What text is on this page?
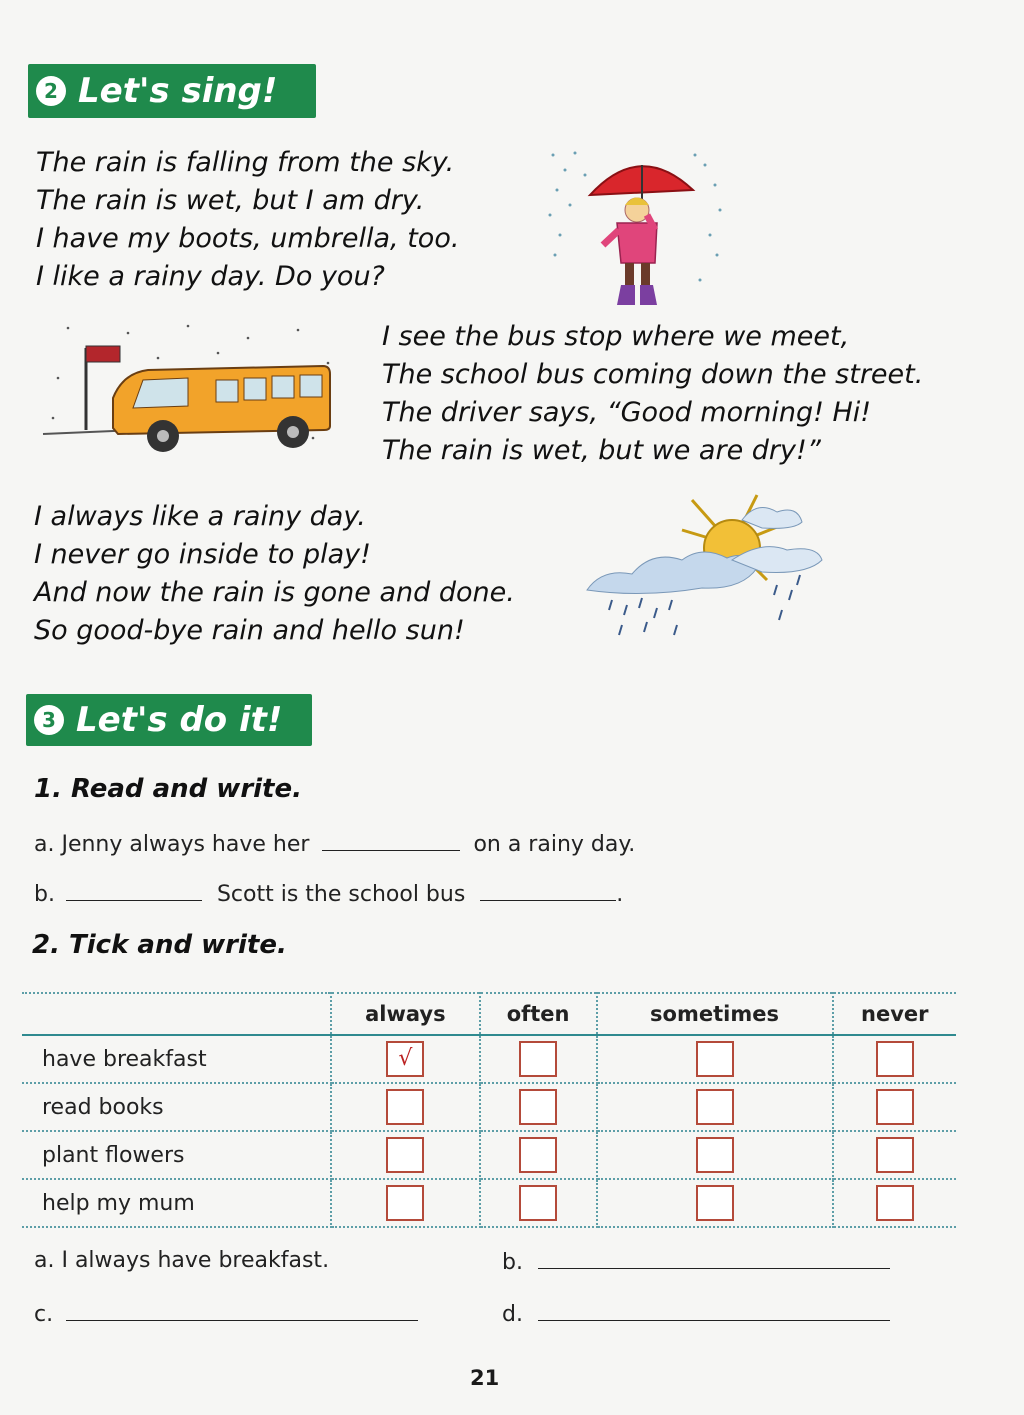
2 Let's sing!
The rain is falling from the sky.
The rain is wet, but I am dry.
I have my boots, umbrella, too.
I like a rainy day. Do you?
I see the bus stop where we meet,
The school bus coming down the street.
The driver says, “Good morning! Hi!
The rain is wet, but we are dry!”
I always like a rainy day.
I never go inside to play!
And now the rain is gone and done.
So good-bye rain and hello sun!
3 Let's do it!
1. Read and write.
a. Jenny always have her	on a rainy day.
b.	Scott is the school bus	.
2. Tick and write.
	always	often	sometimes	never
have breakfast	√			
read books				
plant flowers				
help my mum				
a. I always have breakfast.	b.
c.	d.
21
